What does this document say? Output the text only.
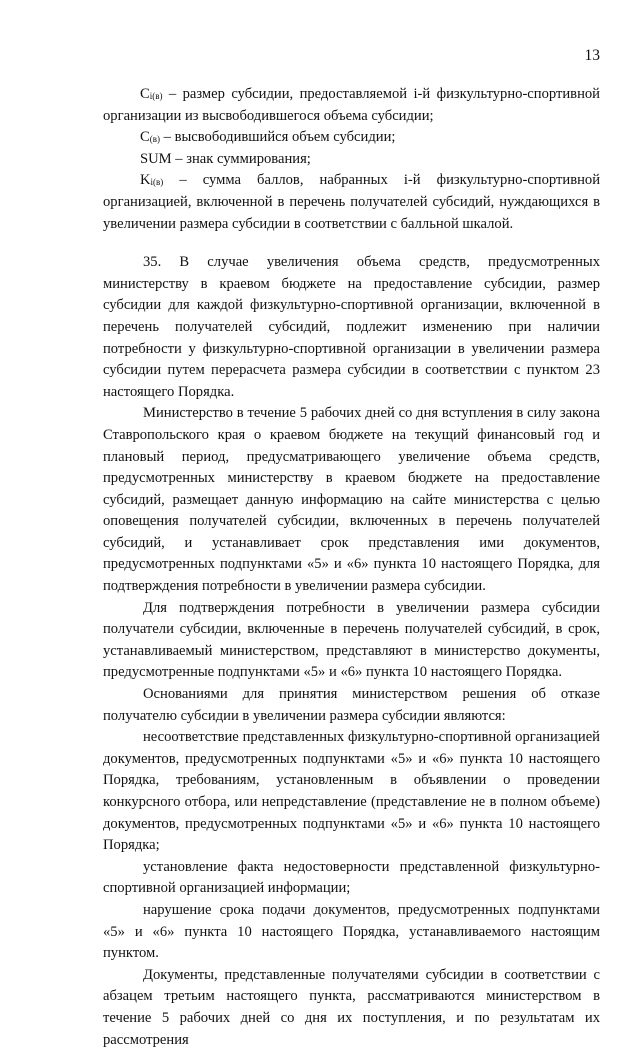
13

$C_{i(в)}$ – размер субсидии, предоставляемой i-й физкультурно-спортивной организации из высвободившегося объема субсидии;

$C_{(в)}$ – высвободившийся объем субсидии;

SUM – знак суммирования;

$K_{i(в)}$ – сумма баллов, набранных i-й физкультурно-спортивной организацией, включенной в перечень получателей субсидий, нуждающихся в увеличении размера субсидии в соответствии с балльной шкалой.

35. В случае увеличения объема средств, предусмотренных министерству в краевом бюджете на предоставление субсидии, размер субсидии для каждой физкультурно-спортивной организации, включенной в перечень получателей субсидий, подлежит изменению при наличии потребности у физкультурно-спортивной организации в увеличении размера субсидии путем перерасчета размера субсидии в соответствии с пунктом 23 настоящего Порядка.

Министерство в течение 5 рабочих дней со дня вступления в силу закона Ставропольского края о краевом бюджете на текущий финансовый год и плановый период, предусматривающего увеличение объема средств, предусмотренных министерству в краевом бюджете на предоставление субсидий, размещает данную информацию на сайте министерства с целью оповещения получателей субсидии, включенных в перечень получателей субсидий, и устанавливает срок представления ими документов, предусмотренных подпунктами «5» и «6» пункта 10 настоящего Порядка, для подтверждения потребности в увеличении размера субсидии.

Для подтверждения потребности в увеличении размера субсидии получатели субсидии, включенные в перечень получателей субсидий, в срок, устанавливаемый министерством, представляют в министерство документы, предусмотренные подпунктами «5» и «6» пункта 10 настоящего Порядка.

Основаниями для принятия министерством решения об отказе получателю субсидии в увеличении размера субсидии являются:

несоответствие представленных физкультурно-спортивной организацией документов, предусмотренных подпунктами «5» и «6» пункта 10 настоящего Порядка, требованиям, установленным в объявлении о проведении конкурсного отбора, или непредставление (представление не в полном объеме) документов, предусмотренных подпунктами «5» и «6» пункта 10 настоящего Порядка;

установление факта недостоверности представленной физкультурно-спортивной организацией информации;

нарушение срока подачи документов, предусмотренных подпунктами «5» и «6» пункта 10 настоящего Порядка, устанавливаемого настоящим пунктом.

Документы, представленные получателями субсидии в соответствии с абзацем третьим настоящего пункта, рассматриваются министерством в течение 5 рабочих дней со дня их поступления, и по результатам их рассмотрения
